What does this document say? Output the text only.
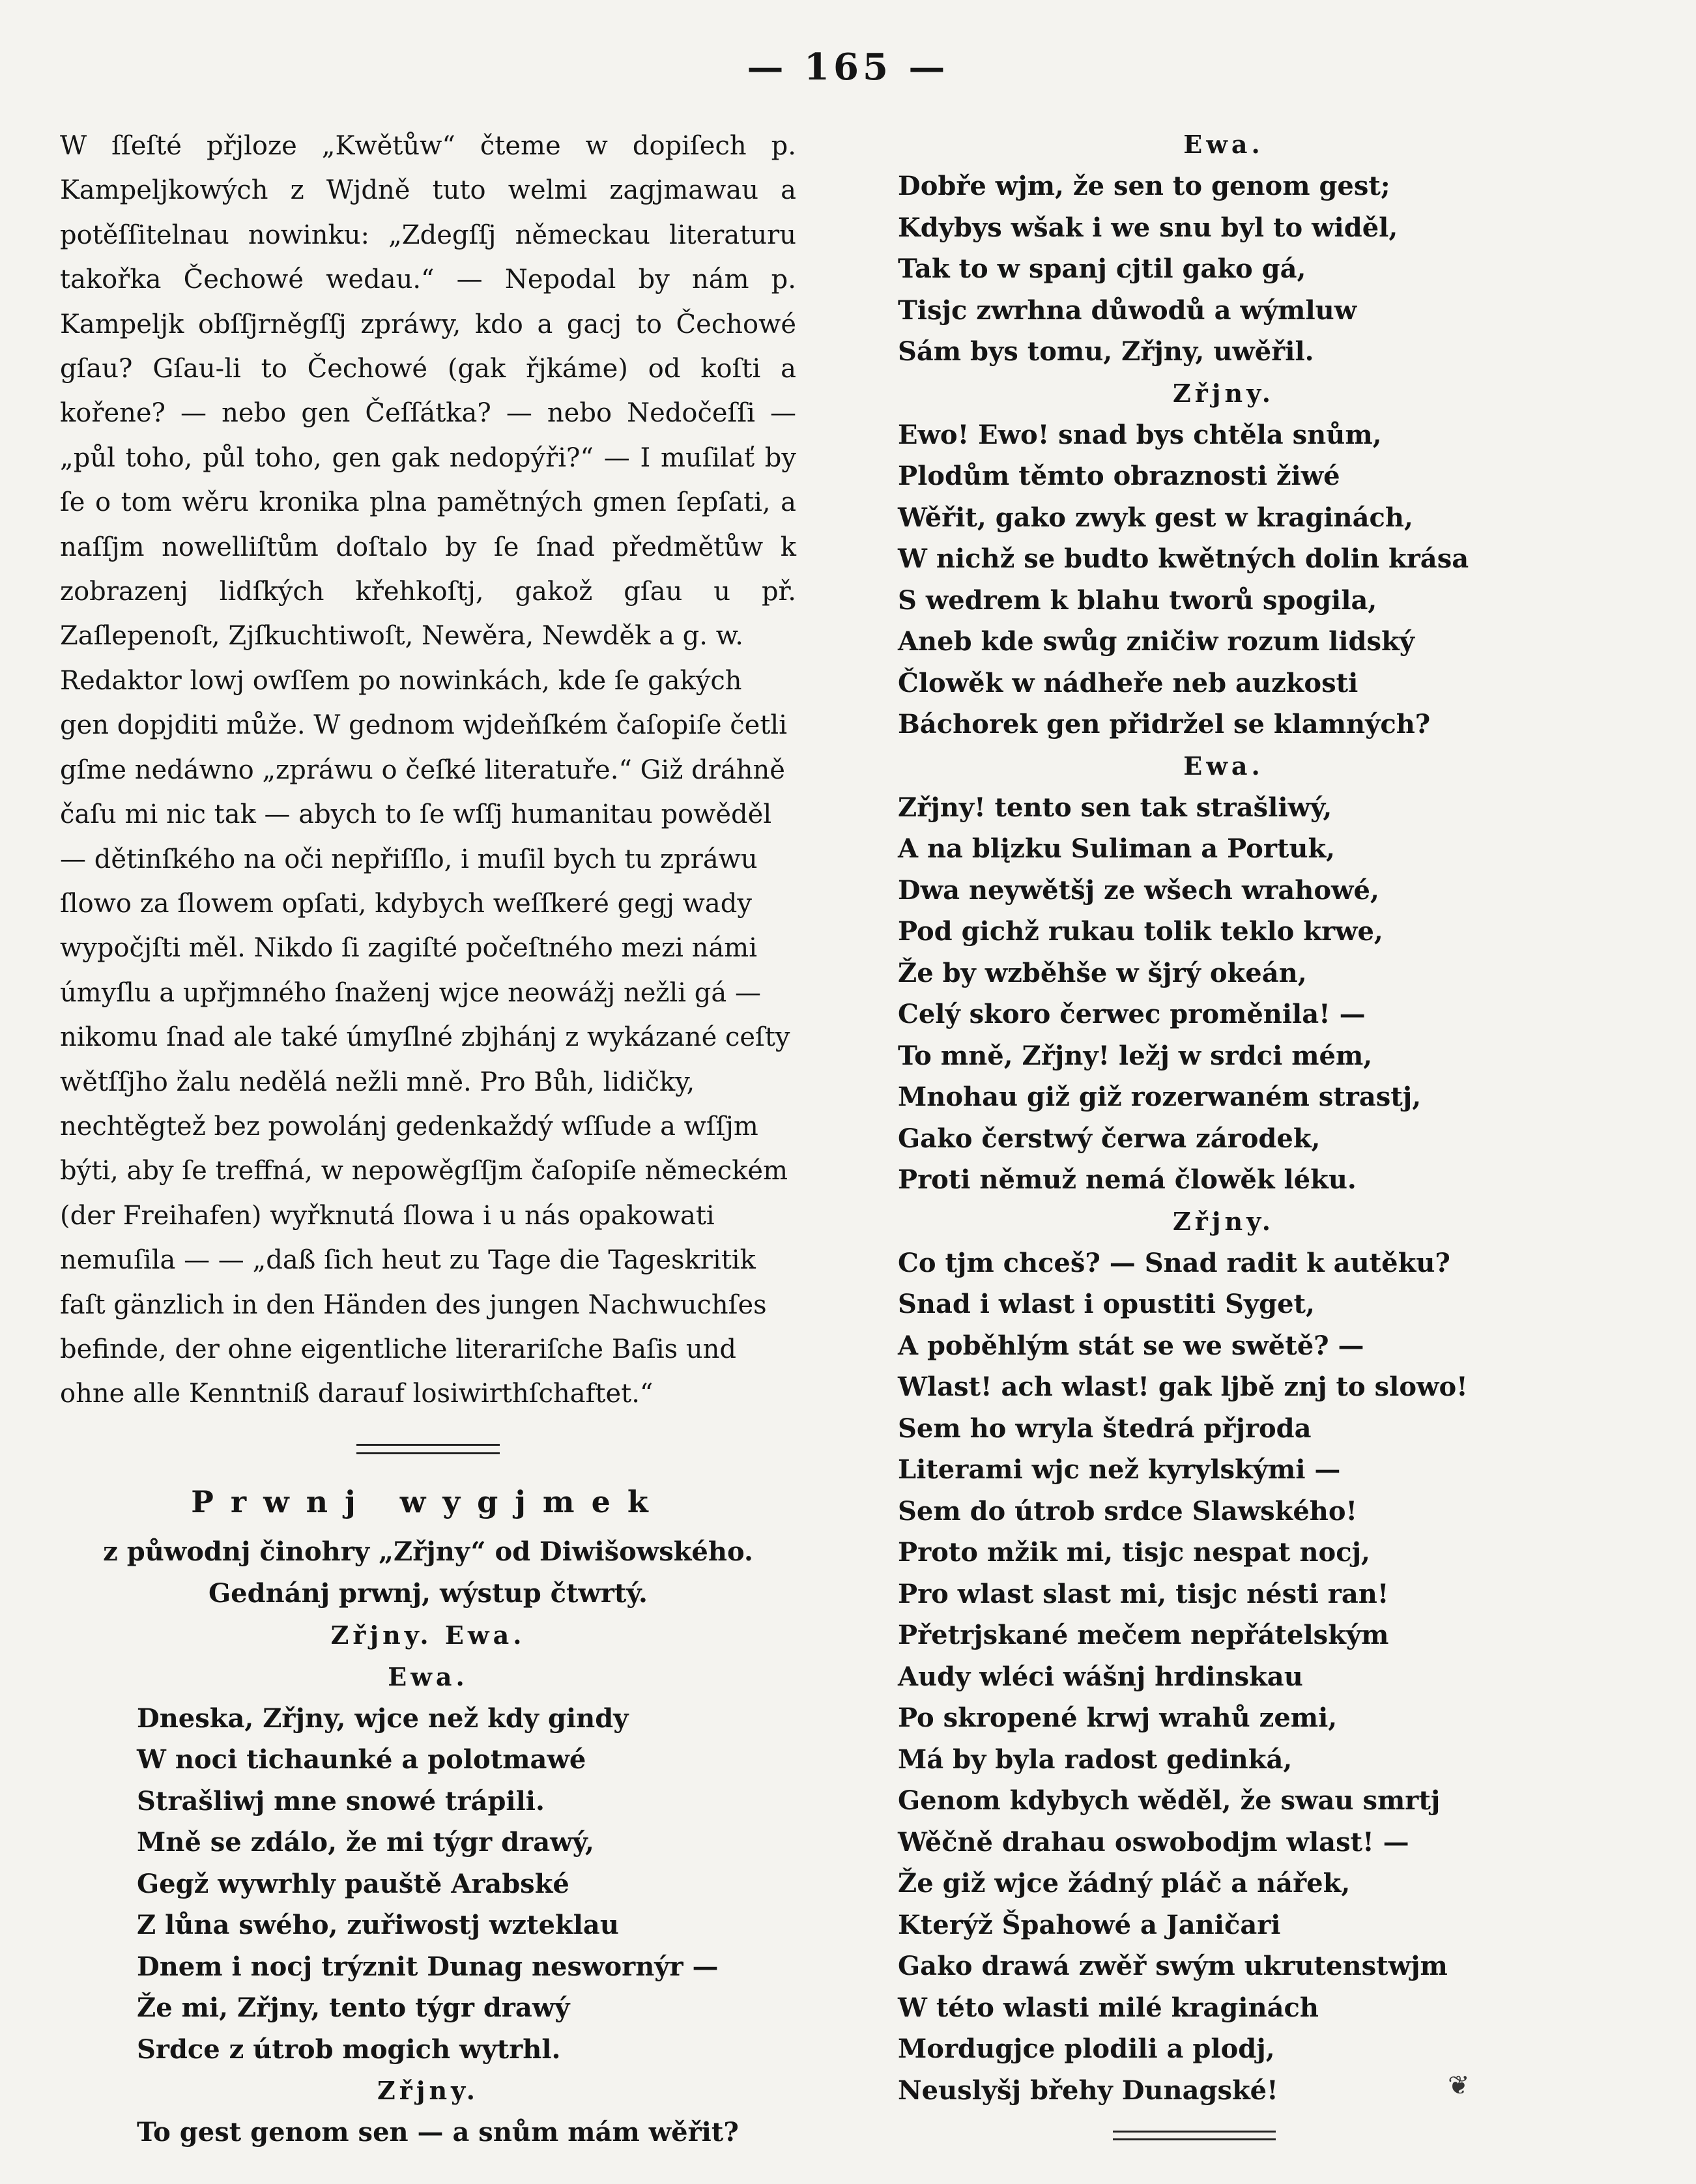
— 165 —

W ſſeſté přjloze „Kwětůw“ čteme w dopiſech p. Kampeljkowých z Wjdně tuto welmi zagjmawau a potěſſitelnau nowinku: „Zdegſſj německau literaturu takořka Čechowé wedau.“ — Nepodal by nám p. Kampeljk obſſjrněgſſj zpráwy, kdo a gacj to Čechowé gſau? Gſau-li to Čechowé (gak řjkáme) od koſti a kořene? — nebo gen Čeſſátka? — nebo Nedočeſſi — „půl toho, půl toho, gen gak nedopýři?“ — I muſilať by ſe o tom wěru kronika plna pamětných gmen ſepſati, a naſſjm nowelliſtům doſtalo by ſe ſnad předmětůw k zobrazenj lidſkých křehkoſtj, gakož gſau u př. Zaſlepenoſt, Zjſkuchtiwoſt, Newěra, Newděk a g. w.

Redaktor lowj owſſem po nowinkách, kde ſe gakých gen dopjditi může. W gednom wjdeňſkém čaſopiſe četli gſme nedáwno „zpráwu o čeſké literatuře.“ Giž dráhně čaſu mi nic tak — abych to ſe wſſj humanitau powěděl — dětinſkého na oči nepřiſſlo, i muſil bych tu zpráwu ſlowo za ſlowem opſati, kdybych weſſkeré gegj wady wypočjſti měl. Nikdo ſi zagiſté počeſtného mezi námi úmyſlu a upřjmného ſnaženj wjce neowážj nežli gá — nikomu ſnad ale také úmyſlné zbjhánj z wykázané ceſty wětſſjho žalu nedělá nežli mně. Pro Bůh, lidičky, nechtěgtež bez powolánj gedenkaždý wſſude a wſſjm býti, aby ſe treffná, w nepowěgſſjm čaſopiſe německém (der Freihafen) wyřknutá ſlowa i u nás opakowati nemuſila — — „daß ſich heut zu Tage die Tageskritik faſt gänzlich in den Händen des jungen Nachwuchſes befinde, der ohne eigentliche literariſche Baſis und ohne alle Kenntniß darauf losiwirthſchaftet.“

Prwnj wygjmek
z půwodnj činohry „Zřjny“ od Diwišowského.
Gednánj prwnj, wýstup čtwrtý.
Zřjny. Ewa.
Ewa.
Dneska, Zřjny, wjce než kdy gindy
W noci tichaunké a polotmawé
Strašliwj mne snowé trápili.
Mně se zdálo, že mi týgr drawý,
Gegž wywrhly pauště Arabské
Z lůna swého, zuřiwostj wzteklau
Dnem i nocj trýznit Dunag neswornýr —
Že mi, Zřjny, tento týgr drawý
Srdce z útrob mogich wytrhl.
Zřjny.
To gest genom sen — a snům mám wěřit?
Ewa.
Dobře wjm, že sen to genom gest;
Kdybys wšak i we snu byl to widěl,
Tak to w spanj cjtil gako gá,
Tisjc zwrhna důwodů a wýmluw
Sám bys tomu, Zřjny, uwěřil.
Zřjny.
Ewo! Ewo! snad bys chtěla snům,
Plodům těmto obraznosti žiwé
Wěřit, gako zwyk gest w kraginách,
W nichž se budto kwětných dolin krása
S wedrem k blahu tworů spogila,
Aneb kde swůg zničiw rozum lidský
Člowěk w nádheře neb auzkosti
Báchorek gen přidržel se klamných?
Ewa.
Zřjny! tento sen tak strašliwý,
A na blįzku Suliman a Portuk,
Dwa neywětšj ze wšech wrahowé,
Pod gichž rukau tolik teklo krwe,
Že by wzběhše w šjrý okeán,
Celý skoro čerwec proměnila! —
To mně, Zřjny! ležj w srdci mém,
Mnohau giž giž rozerwaném strastj,
Gako čerstwý čerwa zárodek,
Proti němuž nemá člowěk léku.
Zřjny.
Co tjm chceš? — Snad radit k autěku?
Snad i wlast i opustiti Syget,
A poběhlým stát se we swětě? —
Wlast! ach wlast! gak ljbě znj to slowo!
Sem ho wryla štedrá přjroda
Literami wjc než kyrylskými —
Sem do útrob srdce Slawského!
Proto mžik mi, tisjc nespat nocj,
Pro wlast slast mi, tisjc nésti ran!
Přetrjskané mečem nepřátelským
Audy wléci wášnj hrdinskau
Po skropené krwj wrahů zemi,
Má by byla radost gedinká,
Genom kdybych wěděl, že swau smrtj
Wěčně drahau oswobodjm wlast! —
Že giž wjce žádný pláč a nářek,
Kterýž Špahowé a Janičari
Gako drawá zwěř swým ukrutenstwjm
W této wlasti milé kraginách
Mordugjce plodili a plodj,
Neuslyšj břehy Dunagské!	❦
